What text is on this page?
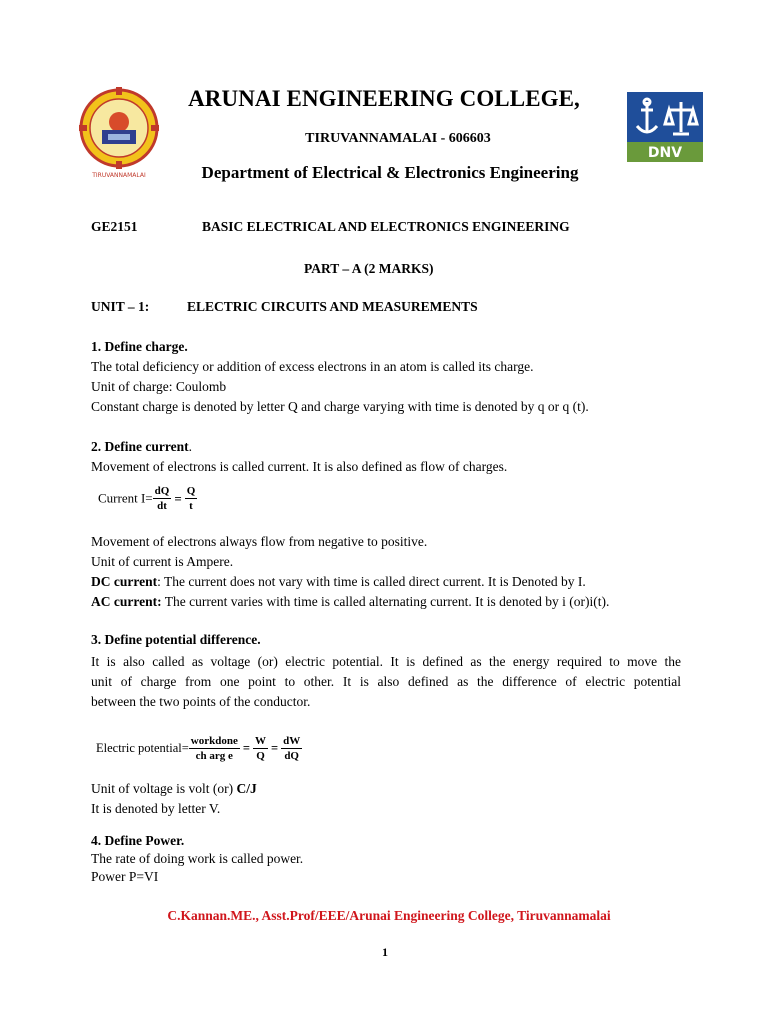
TIRUVANNAMALAI
DNV
ARUNAI ENGINEERING COLLEGE,
TIRUVANNAMALAI - 606603
Department of Electrical & Electronics Engineering
GE2151	BASIC ELECTRICAL AND ELECTRONICS ENGINEERING
PART – A (2 MARKS)
UNIT – 1:	ELECTRIC CIRCUITS AND MEASUREMENTS
1. Define charge.
The total deficiency or addition of excess electrons in an atom is called its charge.
Unit of charge: Coulomb
Constant charge is denoted by letter Q and charge varying with time is denoted by q or q (t).
2. Define current.
Movement of electrons is called current. It is also defined as flow of charges.
Current $I= \frac{dQ}{dt} = \frac{Q}{t}$
Movement of electrons always flow from negative to positive.
Unit of current is Ampere.
DC current: The current does not vary with time is called direct current. It is Denoted by I.
AC current: The current varies with time is called alternating current. It is denoted by i (or)i(t).
3. Define potential difference.
It is also called as voltage (or) electric potential. It is defined as the energy required to move the
unit of charge from one point to other. It is also defined as the difference of electric potential
between the two points of the conductor.
Electric potential= $\frac{\text{workdone}}{\text{ch arg e}} = \frac{W}{Q} = \frac{dW}{dQ}$
Unit of voltage is volt (or) C/J
It is denoted by letter V.
4. Define Power.
The rate of doing work is called power.
Power P=VI
C.Kannan.ME., Asst.Prof/EEE/Arunai Engineering College, Tiruvannamalai
1
